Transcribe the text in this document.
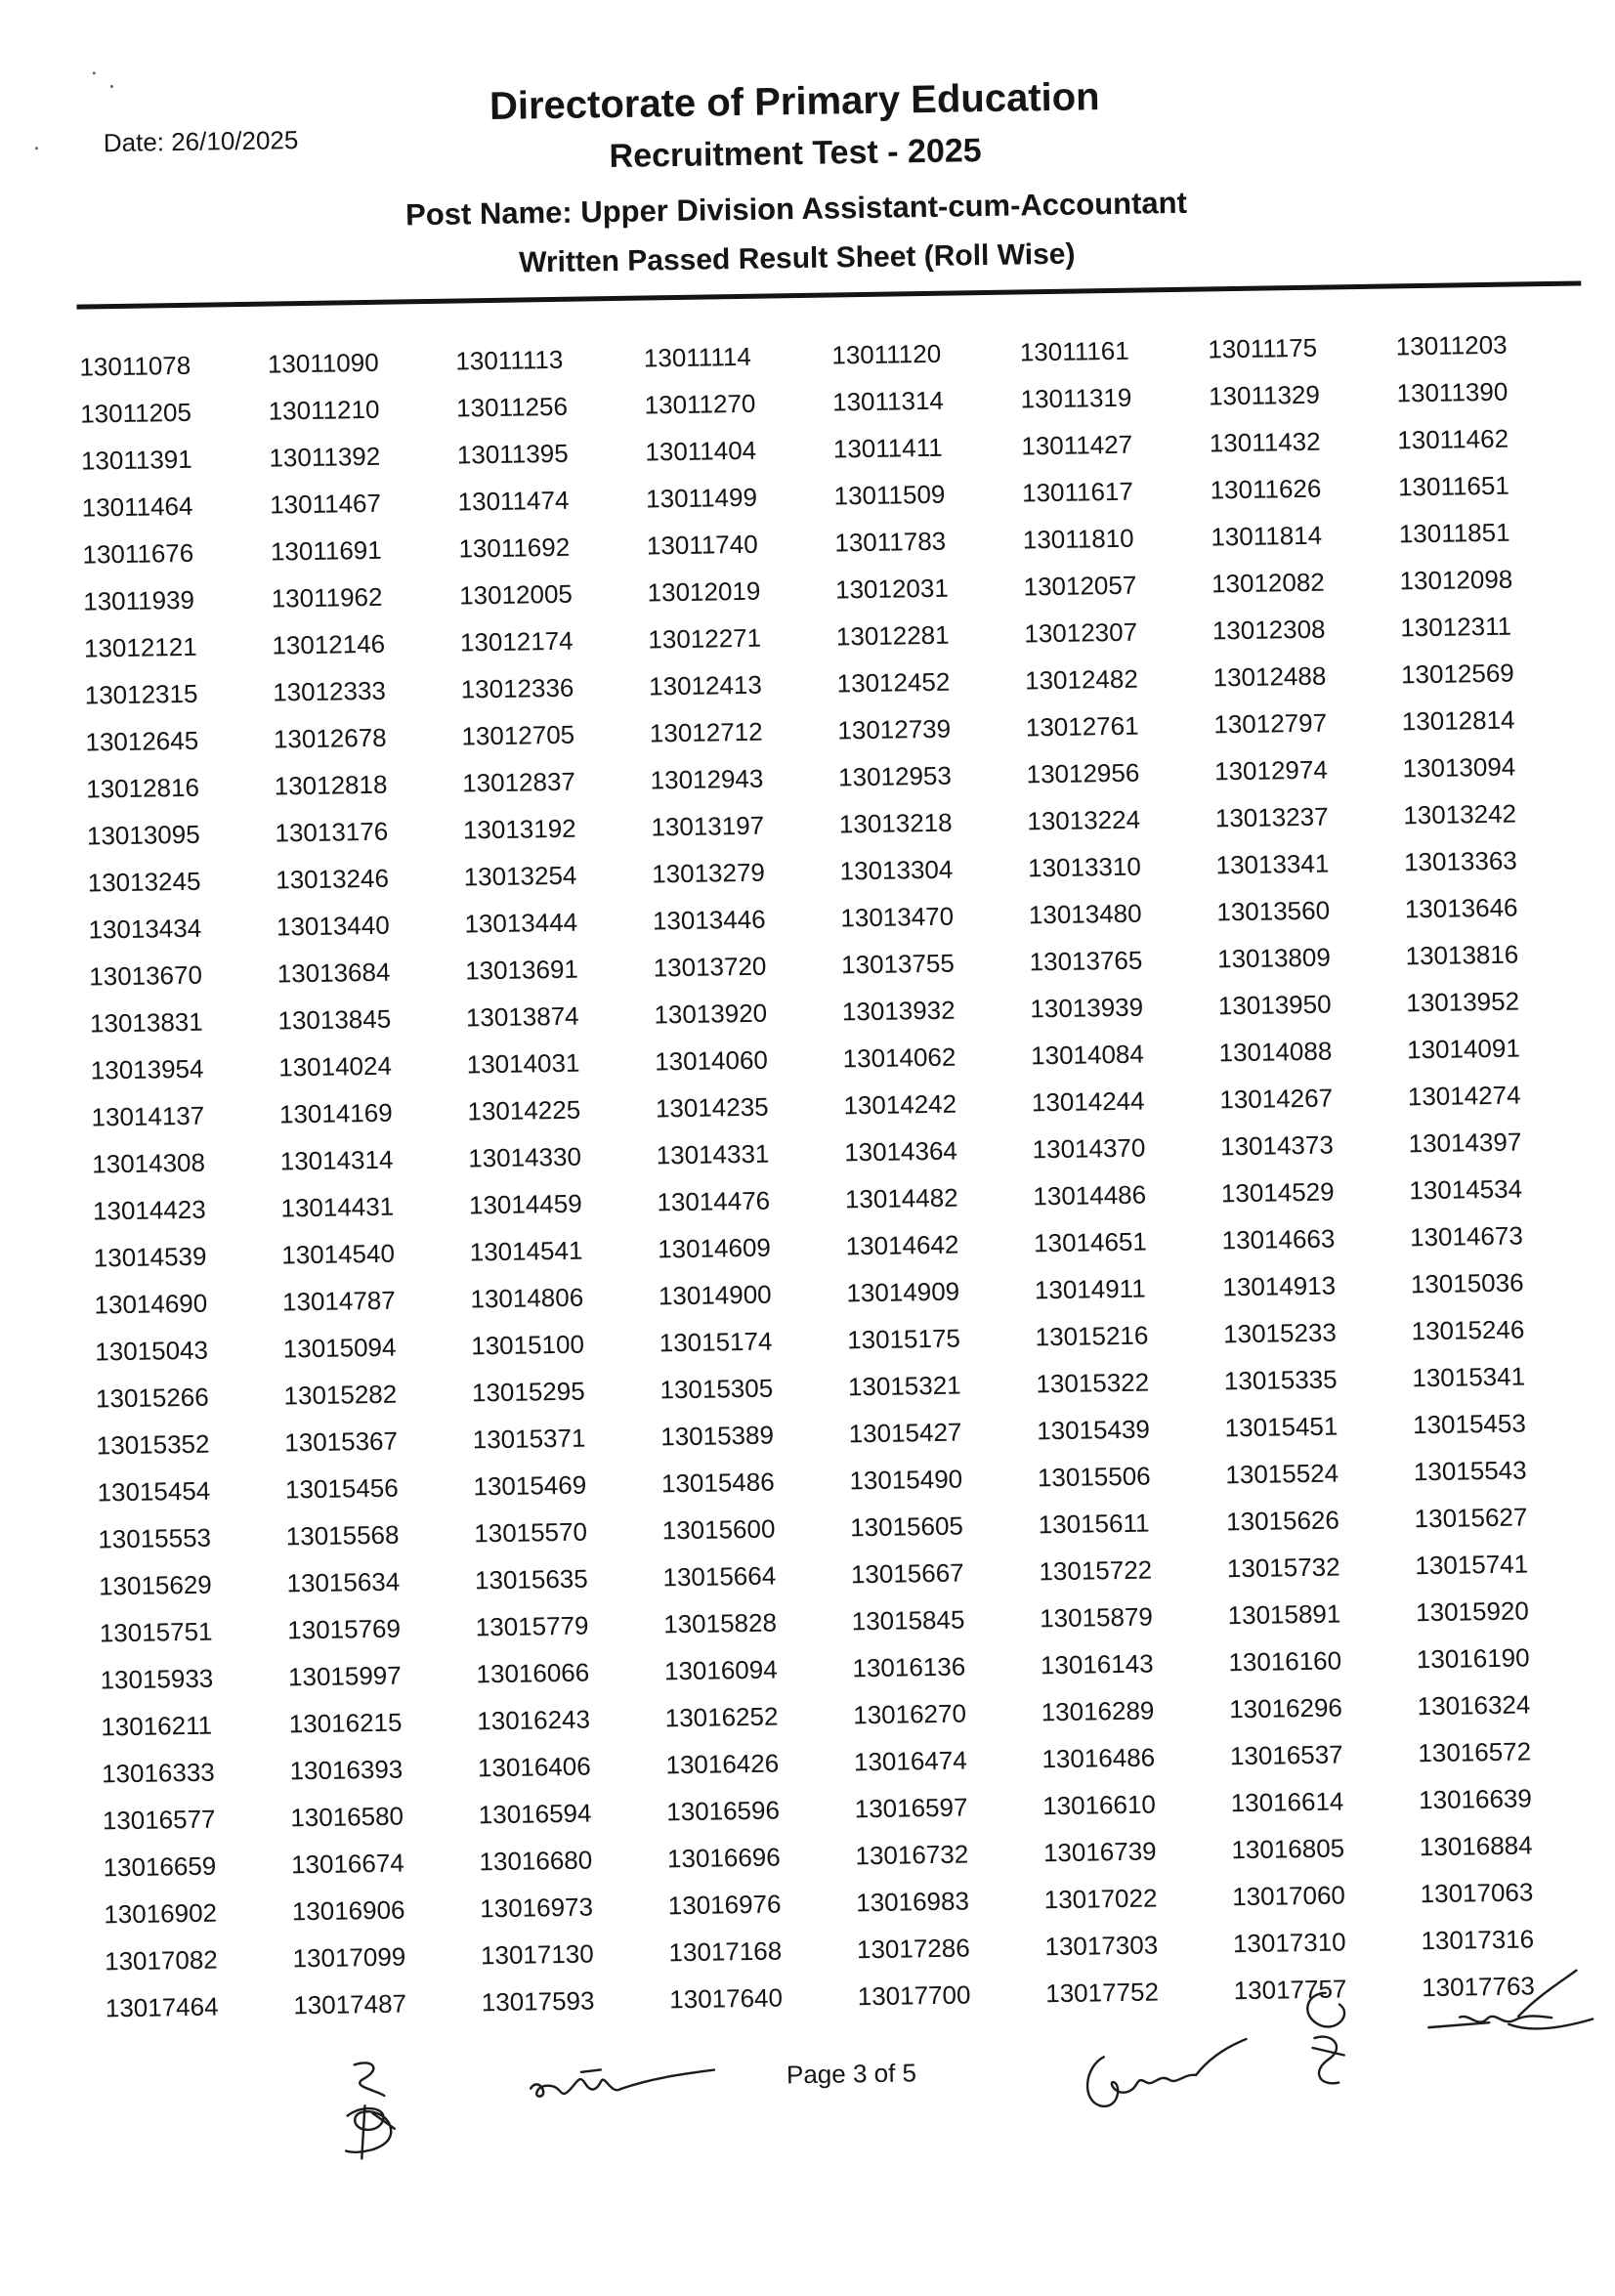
Date: 26/10/2025
Directorate of Primary Education
Recruitment Test - 2025
Post Name: Upper Division Assistant-cum-Accountant
Written Passed Result Sheet (Roll Wise)
13011078	13011090	13011113	13011114	13011120	13011161	13011175	13011203
13011205	13011210	13011256	13011270	13011314	13011319	13011329	13011390
13011391	13011392	13011395	13011404	13011411	13011427	13011432	13011462
13011464	13011467	13011474	13011499	13011509	13011617	13011626	13011651
13011676	13011691	13011692	13011740	13011783	13011810	13011814	13011851
13011939	13011962	13012005	13012019	13012031	13012057	13012082	13012098
13012121	13012146	13012174	13012271	13012281	13012307	13012308	13012311
13012315	13012333	13012336	13012413	13012452	13012482	13012488	13012569
13012645	13012678	13012705	13012712	13012739	13012761	13012797	13012814
13012816	13012818	13012837	13012943	13012953	13012956	13012974	13013094
13013095	13013176	13013192	13013197	13013218	13013224	13013237	13013242
13013245	13013246	13013254	13013279	13013304	13013310	13013341	13013363
13013434	13013440	13013444	13013446	13013470	13013480	13013560	13013646
13013670	13013684	13013691	13013720	13013755	13013765	13013809	13013816
13013831	13013845	13013874	13013920	13013932	13013939	13013950	13013952
13013954	13014024	13014031	13014060	13014062	13014084	13014088	13014091
13014137	13014169	13014225	13014235	13014242	13014244	13014267	13014274
13014308	13014314	13014330	13014331	13014364	13014370	13014373	13014397
13014423	13014431	13014459	13014476	13014482	13014486	13014529	13014534
13014539	13014540	13014541	13014609	13014642	13014651	13014663	13014673
13014690	13014787	13014806	13014900	13014909	13014911	13014913	13015036
13015043	13015094	13015100	13015174	13015175	13015216	13015233	13015246
13015266	13015282	13015295	13015305	13015321	13015322	13015335	13015341
13015352	13015367	13015371	13015389	13015427	13015439	13015451	13015453
13015454	13015456	13015469	13015486	13015490	13015506	13015524	13015543
13015553	13015568	13015570	13015600	13015605	13015611	13015626	13015627
13015629	13015634	13015635	13015664	13015667	13015722	13015732	13015741
13015751	13015769	13015779	13015828	13015845	13015879	13015891	13015920
13015933	13015997	13016066	13016094	13016136	13016143	13016160	13016190
13016211	13016215	13016243	13016252	13016270	13016289	13016296	13016324
13016333	13016393	13016406	13016426	13016474	13016486	13016537	13016572
13016577	13016580	13016594	13016596	13016597	13016610	13016614	13016639
13016659	13016674	13016680	13016696	13016732	13016739	13016805	13016884
13016902	13016906	13016973	13016976	13016983	13017022	13017060	13017063
13017082	13017099	13017130	13017168	13017286	13017303	13017310	13017316
13017464	13017487	13017593	13017640	13017700	13017752	13017757	13017763
Page 3 of 5
